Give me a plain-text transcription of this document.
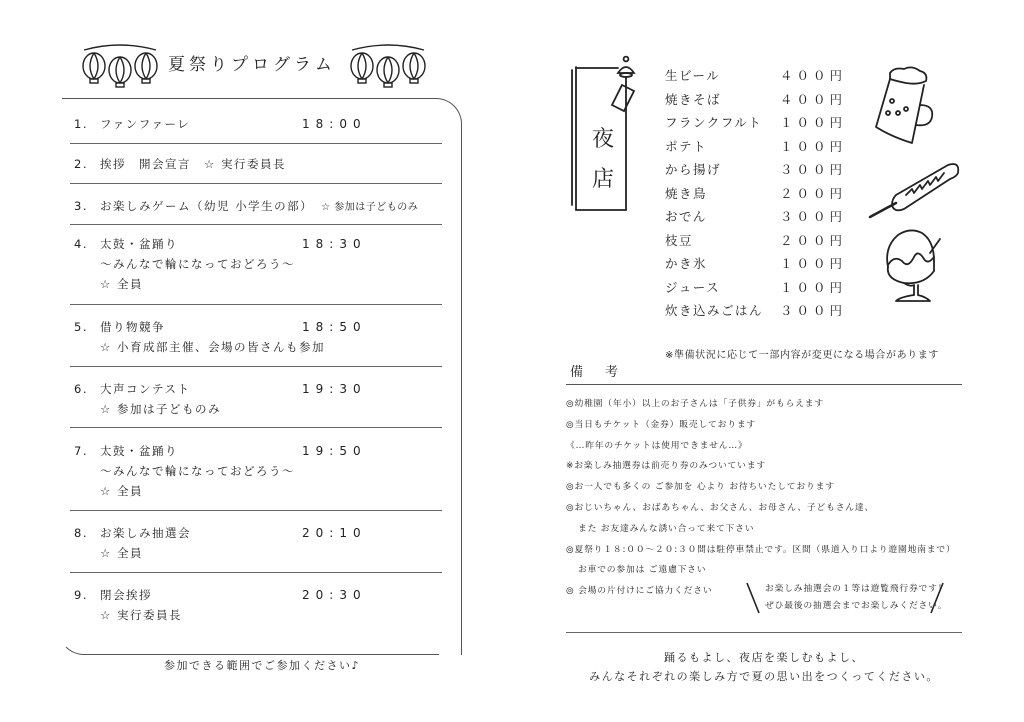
夏祭りプログラム
1. ファンファーレ	18:00
2. 挨拶　開会宣言　☆ 実行委員長
3. お楽しみゲーム（幼児 小学生の部） ☆ 参加は子どものみ
4. 太鼓・盆踊り	18:30
～みんなで輪になっておどろう～
☆ 全員
5. 借り物競争	18:50
☆ 小育成部主催、会場の皆さんも参加
6. 大声コンテスト	19:30
☆ 参加は子どものみ
7. 太鼓・盆踊り	19:50
～みんなで輪になっておどろう～
☆ 全員
8. お楽しみ抽選会	20:10
☆ 全員
9. 閉会挨拶	20:30
☆ 実行委員長
参加できる範囲でご参加ください♪
夜
店
生ビール	４００円
焼きそば	４００円
フランクフルト １００円
ポテト	１００円
から揚げ	３００円
焼き鳥	２００円
おでん	３００円
枝豆	２００円
かき氷	１００円
ジュース	１００円
炊き込みごはん ３００円
※準備状況に応じて一部内容が変更になる場合があります
備考
◎幼稚園（年小）以上のお子さんは「子供券」がもらえます
◎当日もチケット（金券）販売しております
《…昨年のチケットは使用できません…》
※お楽しみ抽選券は前売り券のみついています
◎お一人でも多くの ご参加を 心より お待ちいたしております
◎おじいちゃん、おばあちゃん、お父さん、お母さん、子どもさん達、
また お友達みんな誘い合って来て下さい
◎夏祭り１８:００～２０:３０間は駐停車禁止です。区間（県道入り口より遊園地南まで）
お車での参加は ご遠慮下さい
◎ 会場の片付けにご協力ください	お楽しみ抽選会の１等は遊覧飛行券です！
ぜひ最後の抽選会までお楽しみください。
踊るもよし、夜店を楽しむもよし、
みんなそれぞれの楽しみ方で夏の思い出をつくってください。
